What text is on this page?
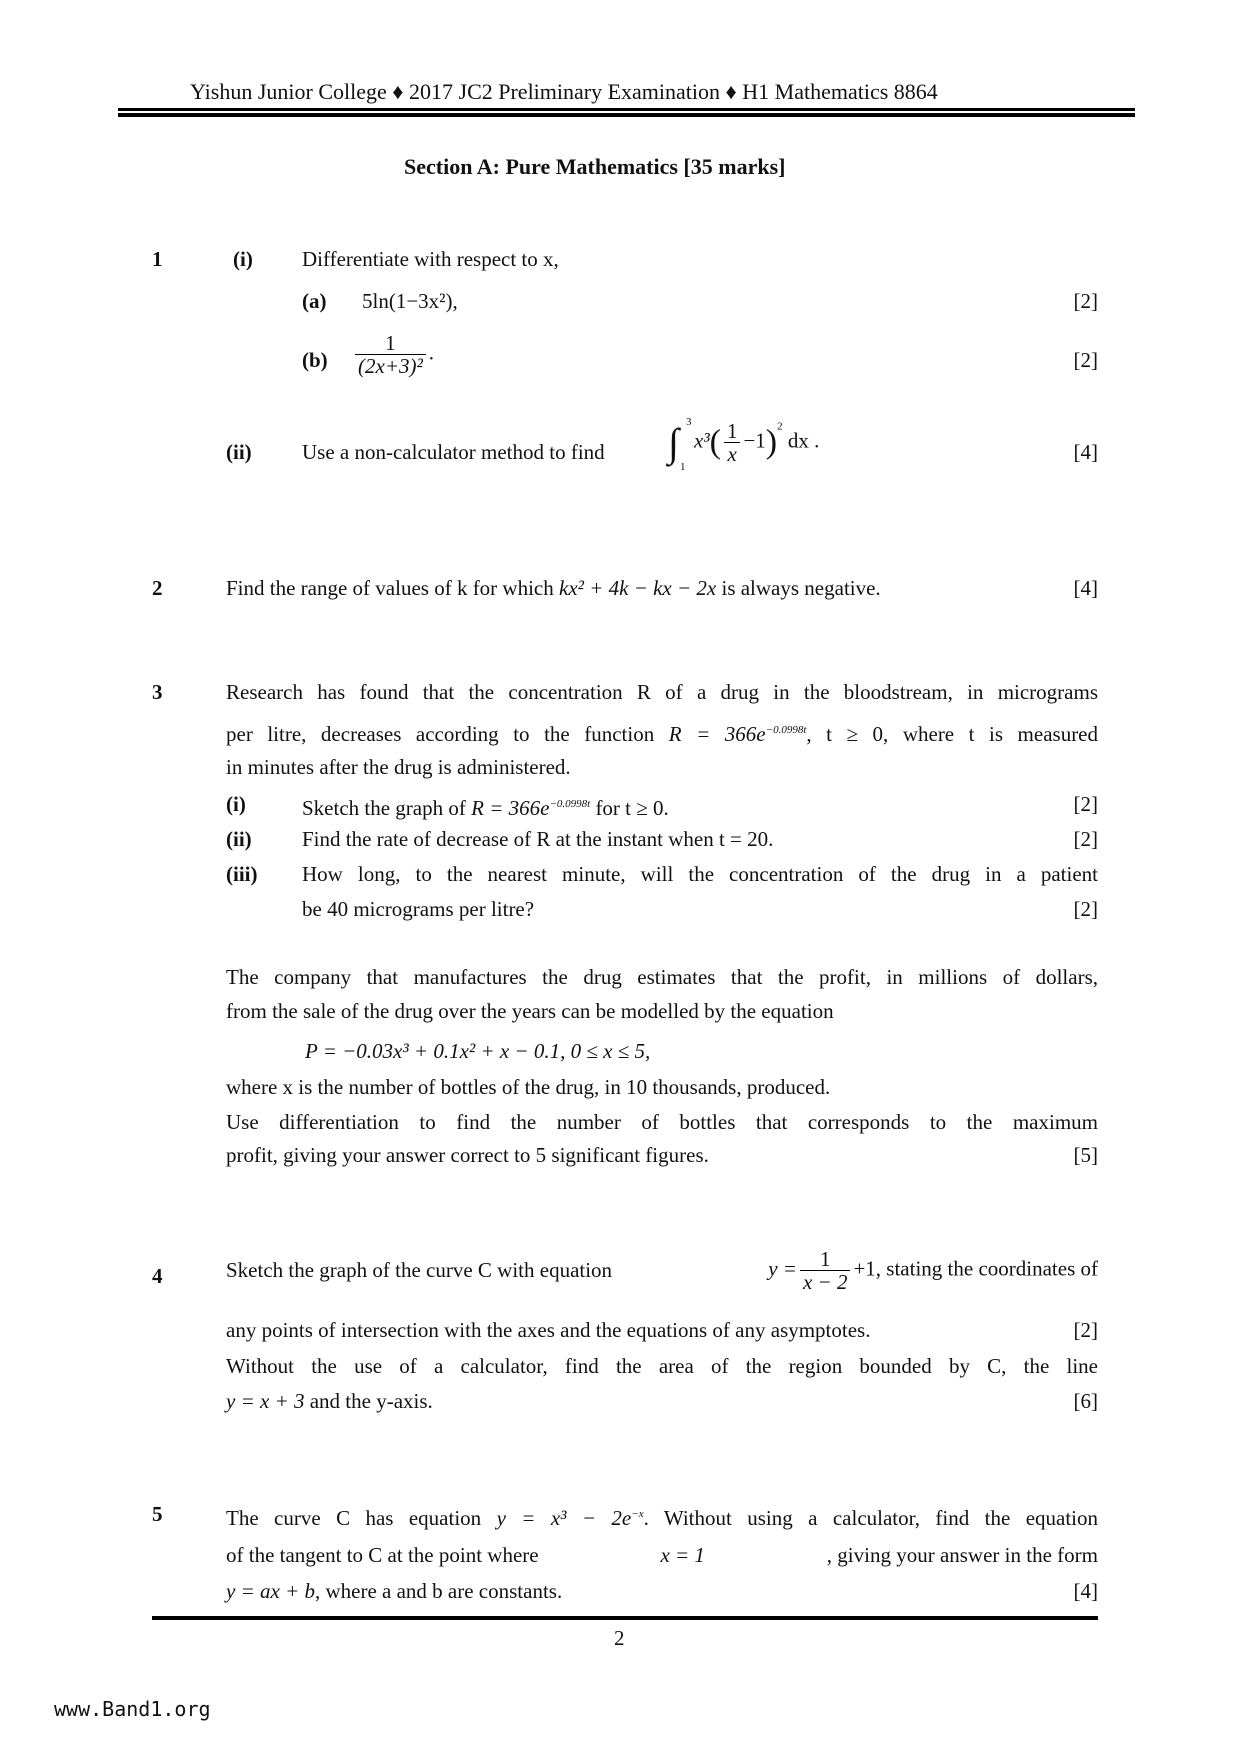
Yishun Junior College ♦ 2017 JC2 Preliminary Examination ♦ H1 Mathematics 8864
Section A: Pure Mathematics [35 marks]
1	(i) Differentiate with respect to x,
(a) 5ln(1−3x²),	[2]
$(b) \frac{1}{\text{(2x+3)²}}$ .	[2]
(ii) Use a non-calculator method to find ∫ 3
1
$x^3( \frac{1}{x} -1)^2$ dx .	[4]
2	Find the range of values of k for which kx² + 4k − kx − 2x is always negative.	[4]
3	Research has found that the concentration R of a drug in the bloodstream, in micrograms
per litre, decreases according to the function $R = 366e^{-0.0998t}$, t ≥ 0, where t is measured
in minutes after the drug is administered.
(i)	Sketch the graph of $R = 366e^{-0.0998t}$ for t ≥ 0.	[2]
(ii) Find the rate of decrease of R at the instant when t = 20.	[2]
(iii) How long, to the nearest minute, will the concentration of the drug in a patient
be 40 micrograms per litre?	[2]
The company that manufactures the drug estimates that the profit, in millions of dollars,
from the sale of the drug over the years can be modelled by the equation
P = −0.03x³ + 0.1x² + x − 0.1, 0 ≤ x ≤ 5,
where x is the number of bottles of the drug, in 10 thousands, produced.
Use differentiation to find the number of bottles that corresponds to the maximum
profit, giving your answer correct to 5 significant figures.	[5]
4	Sketch the graph of the curve C with equation	$y = \frac{1}{x - 2} +1$, stating the coordinates of
any points of intersection with the axes and the equations of any asymptotes.	[2]
Without the use of a calculator, find the area of the region bounded by C, the line
y = x + 3 and the y-axis.	[6]
5	The curve C has equation $y = x^3 - 2e^{-x}$. Without using a calculator, find the equation
of the tangent to C at the point where	x = 1	, giving your answer in the form
y = ax + b, where a and b are constants.	[4]
2
www.Band1.org
